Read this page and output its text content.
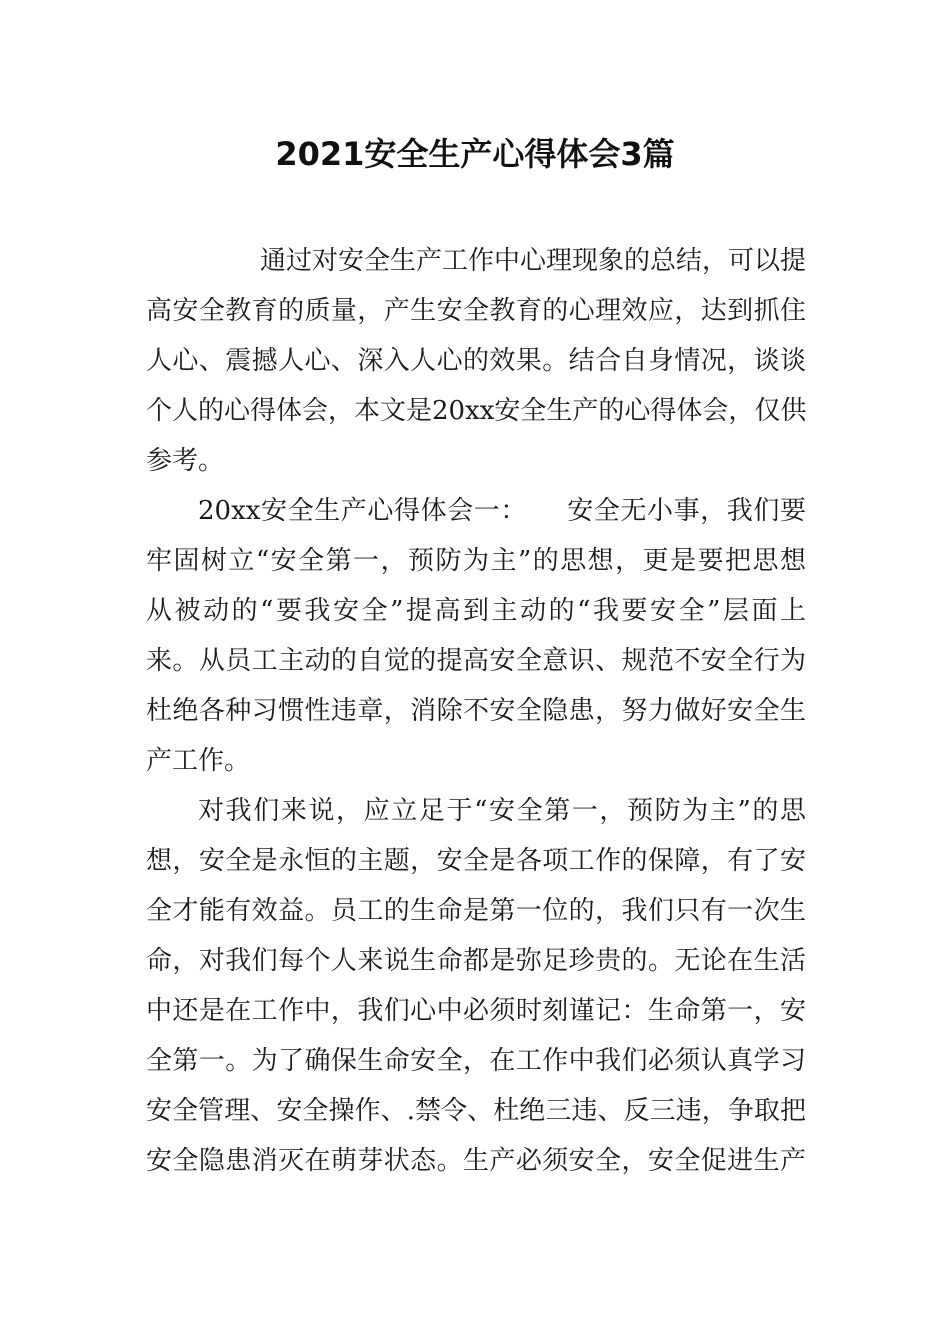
2021安全生产心得体会3篇
通过对安全生产工作中心理现象的总结，可以提
高安全教育的质量，产生安全教育的心理效应，达到抓住
人心、震撼人心、深入人心的效果。结合自身情况，谈谈
个人的心得体会，本文是20xx安全生产的心得体会，仅供
参考。
20xx安全生产心得体会一：　　安全无小事，我们要
牢固树立“安全第一，预防为主”的思想，更是要把思想
从被动的“要我安全”提高到主动的“我要安全”层面上
来。从员工主动的自觉的提高安全意识、规范不安全行为
杜绝各种习惯性违章，消除不安全隐患，努力做好安全生
产工作。
对我们来说，应立足于“安全第一，预防为主”的思
想，安全是永恒的主题，安全是各项工作的保障，有了安
全才能有效益。员工的生命是第一位的，我们只有一次生
命，对我们每个人来说生命都是弥足珍贵的。无论在生活
中还是在工作中，我们心中必须时刻谨记：生命第一，安
全第一。为了确保生命安全，在工作中我们必须认真学习
安全管理、安全操作、.禁令、杜绝三违、反三违，争取把
安全隐患消灭在萌芽状态。生产必须安全，安全促进生产
